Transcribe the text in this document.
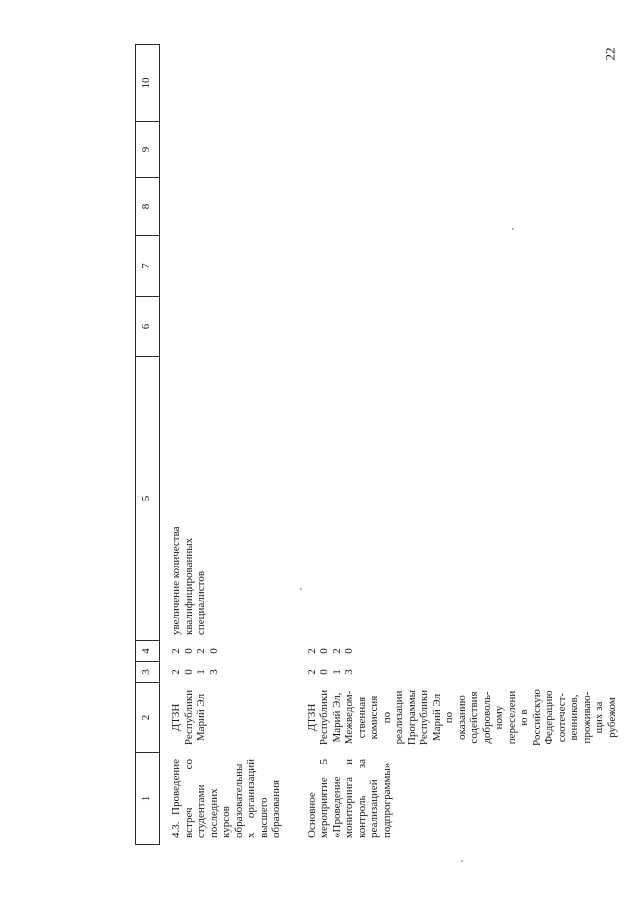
22
1	2	3	4	5	6	7	8	9	10
4.3. Проведение встреч со студентами последних курсов образовательных организаций высшего образования	ДТЗН Республики Марий Эл	2013	2020	увеличение количества квалифицированных специалистов					

Основное мероприятие 5 «Проведение мониторинга и контроль за реализацией подпрограммы»	ДТЗН Республики Марий Эл, Межведом-ственная комиссия по реализации Программы Республики Марий Эл по оказанию содействия доброволь-ному переселению в Российскую Федерацию соотечест-венников, проживаю-щих за рубежом	2013	2020						
